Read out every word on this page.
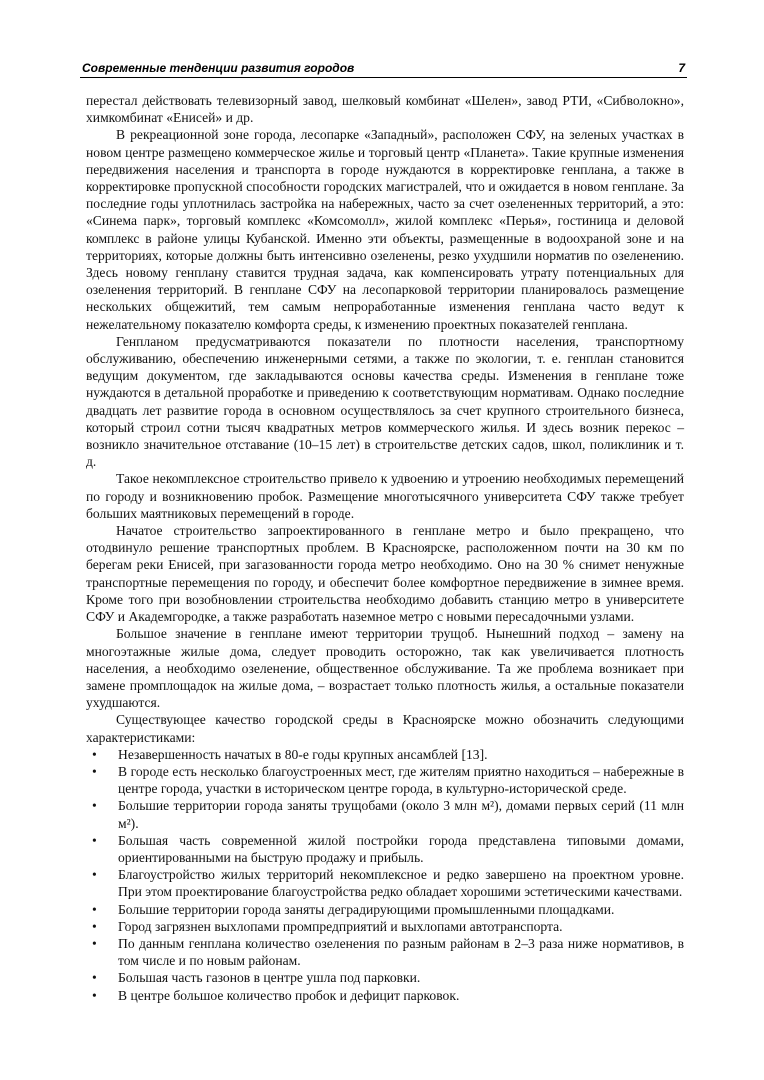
Современные тенденции развития городов	7

перестал действовать телевизорный завод, шелковый комбинат «Шелен», завод РТИ, «Сибволокно», химкомбинат «Енисей» и др.

В рекреационной зоне города, лесопарке «Западный», расположен СФУ, на зеленых участках в новом центре размещено коммерческое жилье и торговый центр «Планета». Такие крупные изменения передвижения населения и транспорта в городе нуждаются в корректировке генплана, а также в корректировке пропускной способности городских магистралей, что и ожидается в новом генплане. За последние годы уплотнилась застройка на набережных, часто за счет озелененных территорий, а это: «Синема парк», торговый комплекс «Комсомолл», жилой комплекс «Перья», гостиница и деловой комплекс в районе улицы Кубанской. Именно эти объекты, размещенные в водоохраной зоне и на территориях, которые должны быть интенсивно озеленены, резко ухудшили норматив по озеленению. Здесь новому генплану ставится трудная задача, как компенсировать утрату потенциальных для озеленения территорий. В генплане СФУ на лесопарковой территории планировалось размещение нескольких общежитий, тем самым непроработанные изменения генплана часто ведут к нежелательному показателю комфорта среды, к изменению проектных показателей генплана.

Генпланом предусматриваются показатели по плотности населения, транспортному обслуживанию, обеспечению инженерными сетями, а также по экологии, т. е. генплан становится ведущим документом, где закладываются основы качества среды. Изменения в генплане тоже нуждаются в детальной проработке и приведению к соответствующим нормативам. Однако последние двадцать лет развитие города в основном осуществлялось за счет крупного строительного бизнеса, который строил сотни тысяч квадратных метров коммерческого жилья. И здесь возник перекос – возникло значительное отставание (10–15 лет) в строительстве детских садов, школ, поликлиник и т. д.

Такое некомплексное строительство привело к удвоению и утроению необходимых перемещений по городу и возникновению пробок. Размещение многотысячного университета СФУ также требует больших маятниковых перемещений в городе.

Начатое строительство запроектированного в генплане метро и было прекращено, что отодвинуло решение транспортных проблем. В Красноярске, расположенном почти на 30 км по берегам реки Енисей, при загазованности города метро необходимо. Оно на 30 % снимет ненужные транспортные перемещения по городу, и обеспечит более комфортное передвижение в зимнее время. Кроме того при возобновлении строительства необходимо добавить станцию метро в университете СФУ и Академгородке, а также разработать наземное метро с новыми пересадочными узлами.

Большое значение в генплане имеют территории трущоб. Нынешний подход – замену на многоэтажные жилые дома, следует проводить осторожно, так как увеличивается плотность населения, а необходимо озеленение, общественное обслуживание. Та же проблема возникает при замене промплощадок на жилые дома, – возрастает только плотность жилья, а остальные показатели ухудшаются.

Существующее качество городской среды в Красноярске можно обозначить следующими характеристиками:

• Незавершенность начатых в 80-е годы крупных ансамблей [13].
• В городе есть несколько благоустроенных мест, где жителям приятно находиться – набережные в центре города, участки в историческом центре города, в культурно-исторической среде.
• Большие территории города заняты трущобами (около 3 млн м²), домами первых серий (11 млн м²).
• Большая часть современной жилой постройки города представлена типовыми домами, ориентированными на быструю продажу и прибыль.
• Благоустройство жилых территорий некомплексное и редко завершено на проектном уровне. При этом проектирование благоустройства редко обладает хорошими эстетическими качествами.
• Большие территории города заняты деградирующими промышленными площадками.
• Город загрязнен выхлопами промпредприятий и выхлопами автотранспорта.
• По данным генплана количество озеленения по разным районам в 2–3 раза ниже нормативов, в том числе и по новым районам.
• Большая часть газонов в центре ушла под парковки.
• В центре большое количество пробок и дефицит парковок.
